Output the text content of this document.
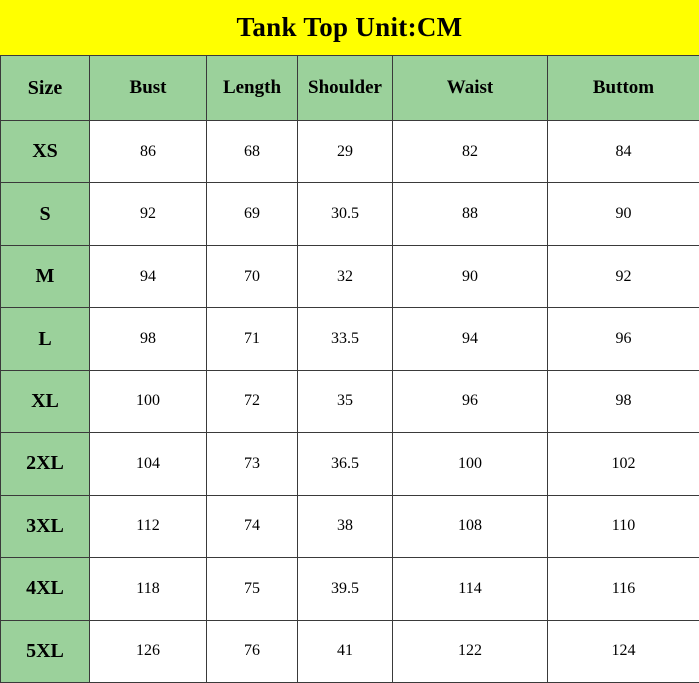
Tank Top Unit:CM
Size	Bust	Length	Shoulder	Waist	Buttom
XS	86	68	29	82	84
S	92	69	30.5	88	90
M	94	70	32	90	92
L	98	71	33.5	94	96
XL	100	72	35	96	98
2XL	104	73	36.5	100	102
3XL	112	74	38	108	110
4XL	118	75	39.5	114	116
5XL	126	76	41	122	124
